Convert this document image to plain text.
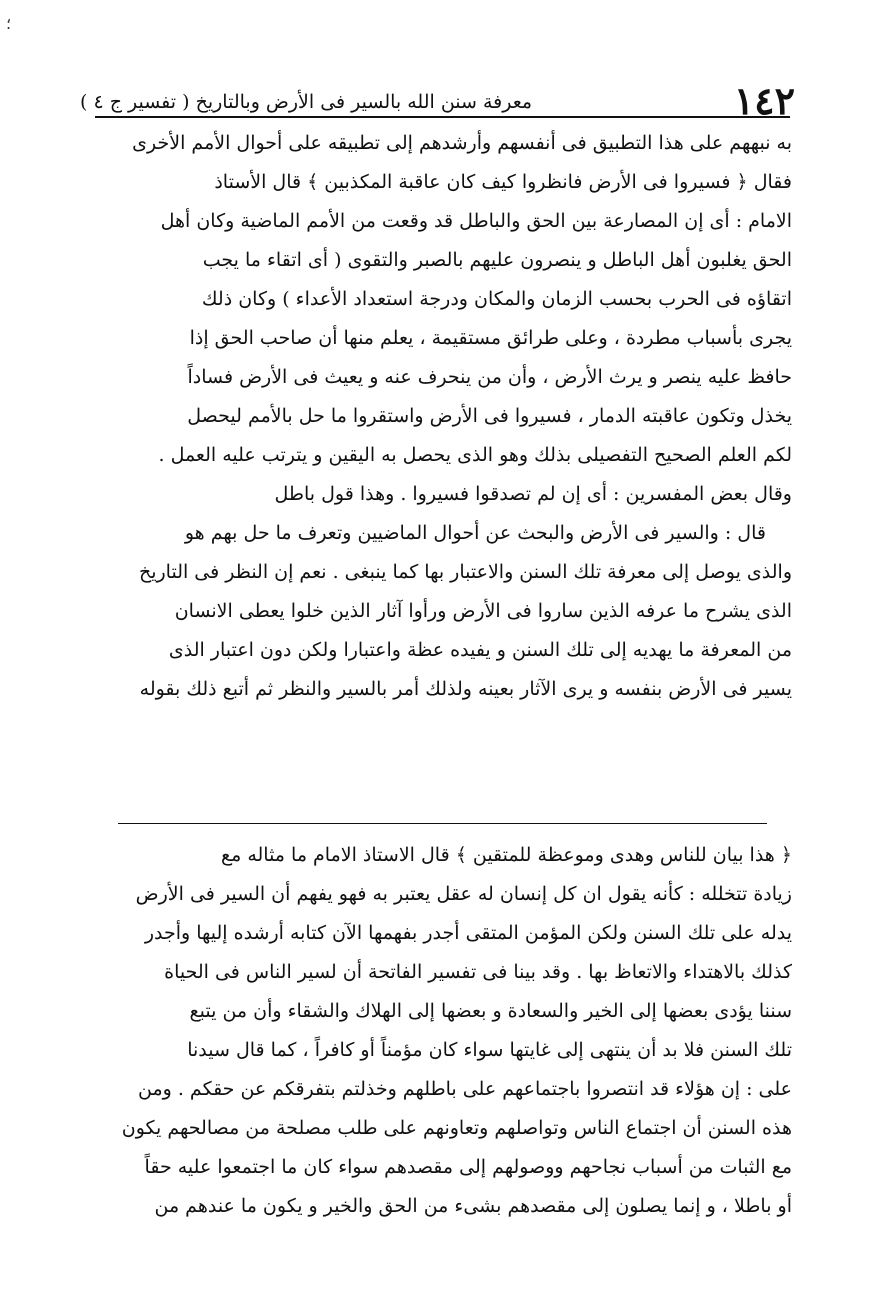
؛
١٤٢
معرفة سنن الله بالسير فى الأرض وبالتاريخ ( تفسير ج ٤ )
به نبههم على هذا التطبيق فى أنفسهم وأرشدهم إلى تطبيقه على أحوال الأمم الأخرى
فقال ﴿ فسيروا فى الأرض فانظروا كيف كان عاقبة المكذبين ﴾ قال الأستاذ
الامام : أى إن المصارعة بين الحق والباطل قد وقعت من الأمم الماضية وكان أهل
الحق يغلبون أهل الباطل و ينصرون عليهم بالصبر والتقوى ( أى اتقاء ما يجب
اتقاؤه فى الحرب بحسب الزمان والمكان ودرجة استعداد الأعداء ) وكان ذلك
يجرى بأسباب مطردة ، وعلى طرائق مستقيمة ، يعلم منها أن صاحب الحق إذا
حافظ عليه ينصر و يرث الأرض ، وأن من ينحرف عنه و يعيث فى الأرض فساداً
يخذل وتكون عاقبته الدمار ، فسيروا فى الأرض واستقروا ما حل بالأمم ليحصل
لكم العلم الصحيح التفصيلى بذلك وهو الذى يحصل به اليقين و يترتب عليه العمل .
وقال بعض المفسرين : أى إن لم تصدقوا فسيروا . وهذا قول باطل
قال : والسير فى الأرض والبحث عن أحوال الماضيين وتعرف ما حل بهم هو
والذى يوصل إلى معرفة تلك السنن والاعتبار بها كما ينبغى . نعم إن النظر فى التاريخ
الذى يشرح ما عرفه الذين ساروا فى الأرض ورأوا آثار الذين خلوا يعطى الانسان
من المعرفة ما يهديه إلى تلك السنن و يفيده عظة واعتبارا ولكن دون اعتبار الذى
يسير فى الأرض بنفسه و يرى الآثار بعينه ولذلك أمر بالسير والنظر ثم أتبع ذلك بقوله
﴿ هذا بيان للناس وهدى وموعظة للمتقين ﴾ قال الاستاذ الامام ما مثاله مع
زيادة تتخلله : كأنه يقول ان كل إنسان له عقل يعتبر به فهو يفهم أن السير فى الأرض
يدله على تلك السنن ولكن المؤمن المتقى أجدر بفهمها الآن كتابه أرشده إليها وأجدر
كذلك بالاهتداء والاتعاظ بها . وقد بينا فى تفسير الفاتحة أن لسير الناس فى الحياة
سننا يؤدى بعضها إلى الخير والسعادة و بعضها إلى الهلاك والشقاء وأن من يتبع
تلك السنن فلا بد أن ينتهى إلى غايتها سواء كان مؤمناً أو كافراً ، كما قال سيدنا
على : إن هؤلاء قد انتصروا باجتماعهم على باطلهم وخذلتم بتفرقكم عن حقكم . ومن
هذه السنن أن اجتماع الناس وتواصلهم وتعاونهم على طلب مصلحة من مصالحهم يكون
مع الثبات من أسباب نجاحهم ووصولهم إلى مقصدهم سواء كان ما اجتمعوا عليه حقاً
أو باطلا ، و إنما يصلون إلى مقصدهم بشىء من الحق والخير و يكون ما عندهم من
